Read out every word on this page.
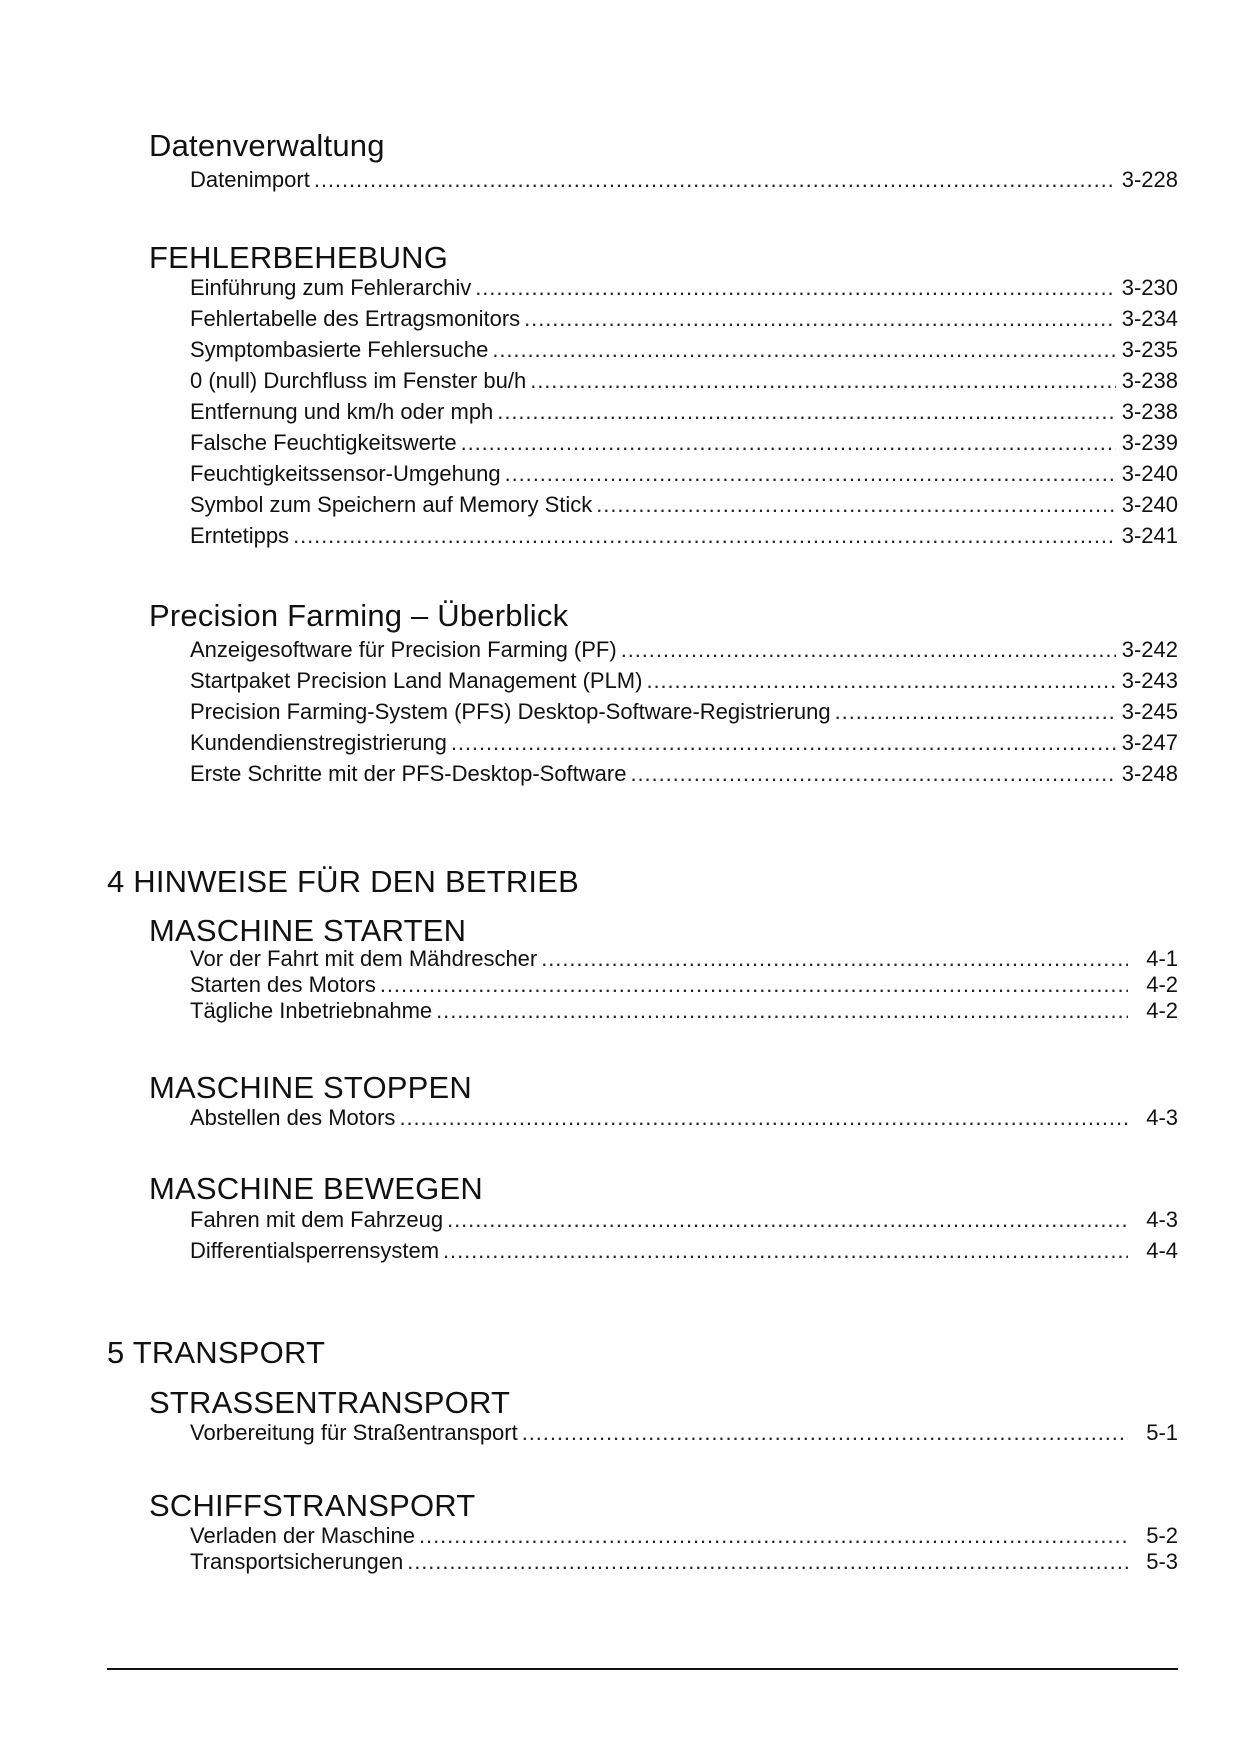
Datenverwaltung
Datenimport . . .	3-228
FEHLERBEHEBUNG
Einführung zum Fehlerarchiv . . .	3-230
Fehlertabelle des Ertragsmonitors . . .	3-234
Symptombasierte Fehlersuche . . .	3-235
0 (null) Durchfluss im Fenster bu/h . . .	3-238
Entfernung und km/h oder mph . . .	3-238
Falsche Feuchtigkeitswerte . . .	3-239
Feuchtigkeitssensor-Umgehung . . .	3-240
Symbol zum Speichern auf Memory Stick . . .	3-240
Erntetipps . . .	3-241
Precision Farming – Überblick
Anzeigesoftware für Precision Farming (PF) . . .	3-242
Startpaket Precision Land Management (PLM) . . .	3-243
Precision Farming-System (PFS) Desktop-Software-Registrierung . . .	3-245
Kundendienstregistrierung . . .	3-247
Erste Schritte mit der PFS-Desktop-Software . . .	3-248
4 HINWEISE FÜR DEN BETRIEB
MASCHINE STARTEN
Vor der Fahrt mit dem Mähdrescher . . .	4-1
Starten des Motors . . .	4-2
Tägliche Inbetriebnahme . . .	4-2
MASCHINE STOPPEN
Abstellen des Motors . . .	4-3
MASCHINE BEWEGEN
Fahren mit dem Fahrzeug . . .	4-3
Differentialsperrensystem . . .	4-4
5 TRANSPORT
STRASSENTRANSPORT
Vorbereitung für Straßentransport . . .	5-1
SCHIFFSTRANSPORT
Verladen der Maschine . . .	5-2
Transportsicherungen . . .	5-3
